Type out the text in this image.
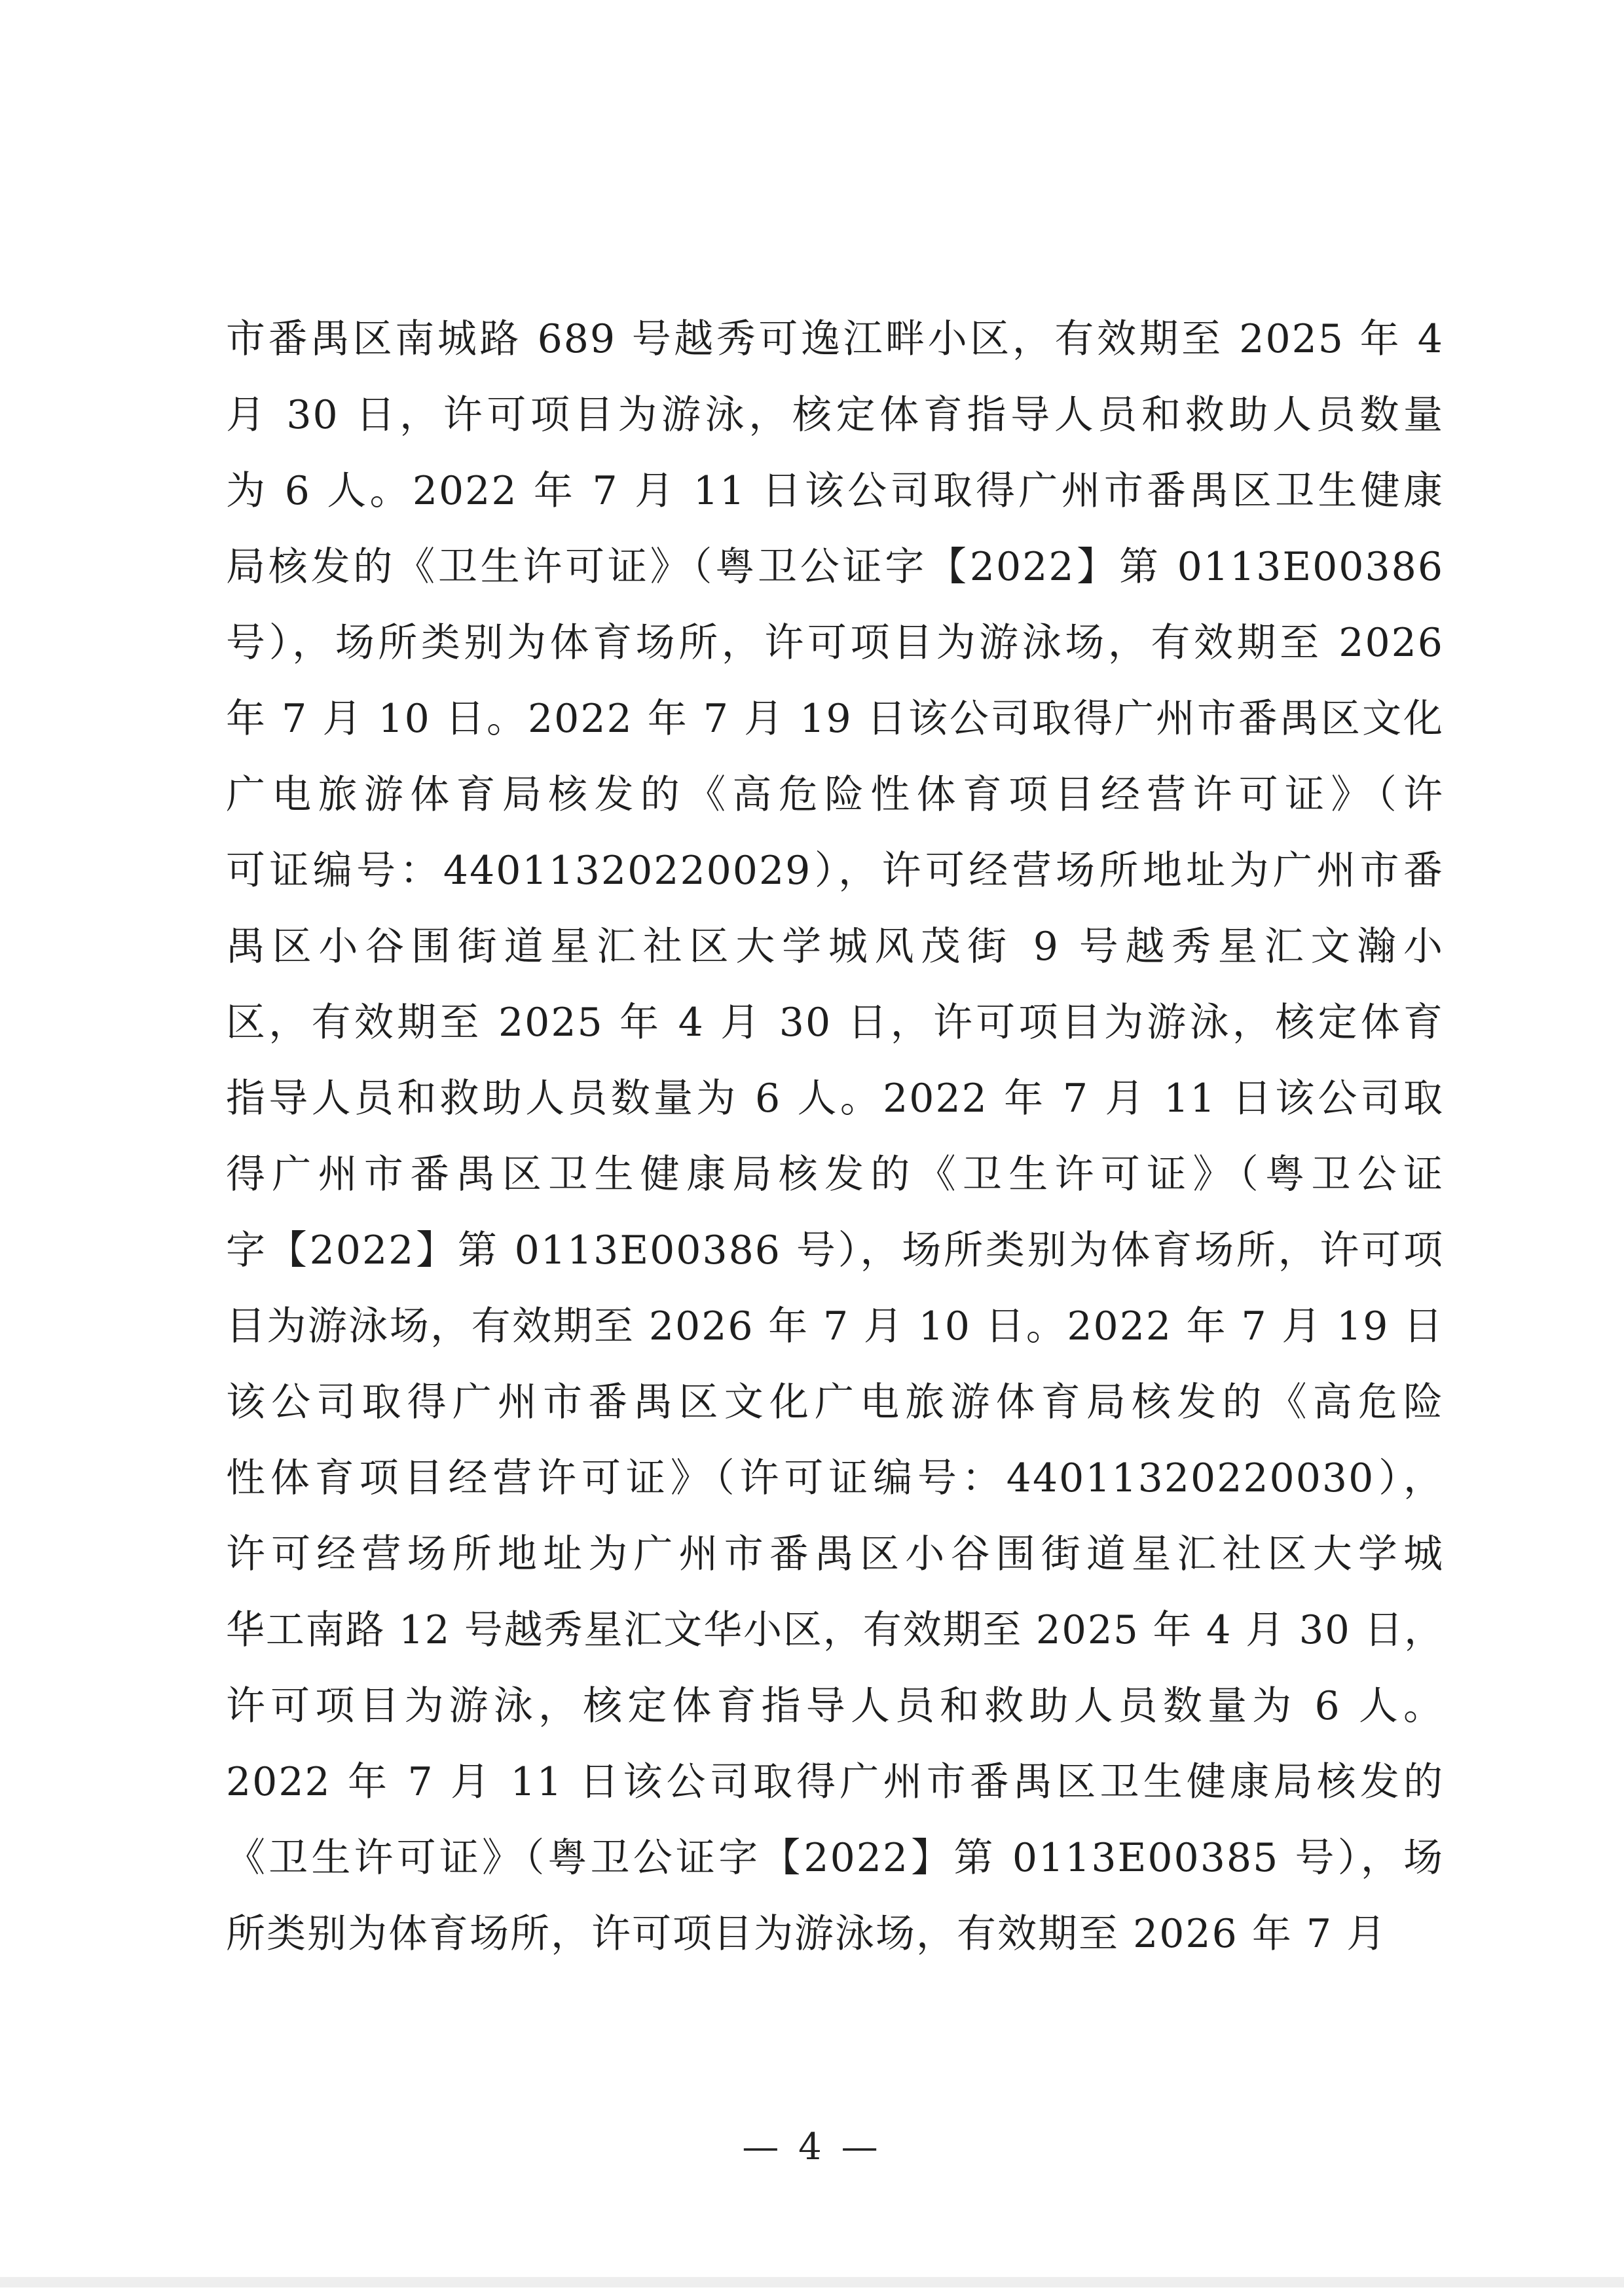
市番禺区南城路 689 号越秀可逸江畔小区，有效期至 2025 年 4
月 30 日，许可项目为游泳，核定体育指导人员和救助人员数量
为 6 人。2022 年 7 月 11 日该公司取得广州市番禺区卫生健康
局核发的《卫生许可证》（粤卫公证字【2022】第 0113E00386
号），场所类别为体育场所，许可项目为游泳场，有效期至 2026
年 7 月 10 日。2022 年 7 月 19 日该公司取得广州市番禺区文化
广电旅游体育局核发的《高危险性体育项目经营许可证》（许
可证编号：44011320220029），许可经营场所地址为广州市番
禺区小谷围街道星汇社区大学城风茂街 9 号越秀星汇文瀚小
区，有效期至 2025 年 4 月 30 日，许可项目为游泳，核定体育
指导人员和救助人员数量为 6 人。2022 年 7 月 11 日该公司取
得广州市番禺区卫生健康局核发的《卫生许可证》（粤卫公证
字【2022】第 0113E00386 号），场所类别为体育场所，许可项
目为游泳场，有效期至 2026 年 7 月 10 日。2022 年 7 月 19 日
该公司取得广州市番禺区文化广电旅游体育局核发的《高危险
性体育项目经营许可证》（许可证编号：44011320220030），
许可经营场所地址为广州市番禺区小谷围街道星汇社区大学城
华工南路 12 号越秀星汇文华小区，有效期至 2025 年 4 月 30 日，
许可项目为游泳，核定体育指导人员和救助人员数量为 6 人。
2022 年 7 月 11 日该公司取得广州市番禺区卫生健康局核发的
《卫生许可证》（粤卫公证字【2022】第 0113E00385 号），场
所类别为体育场所，许可项目为游泳场，有效期至 2026 年 7 月
— 4 —
